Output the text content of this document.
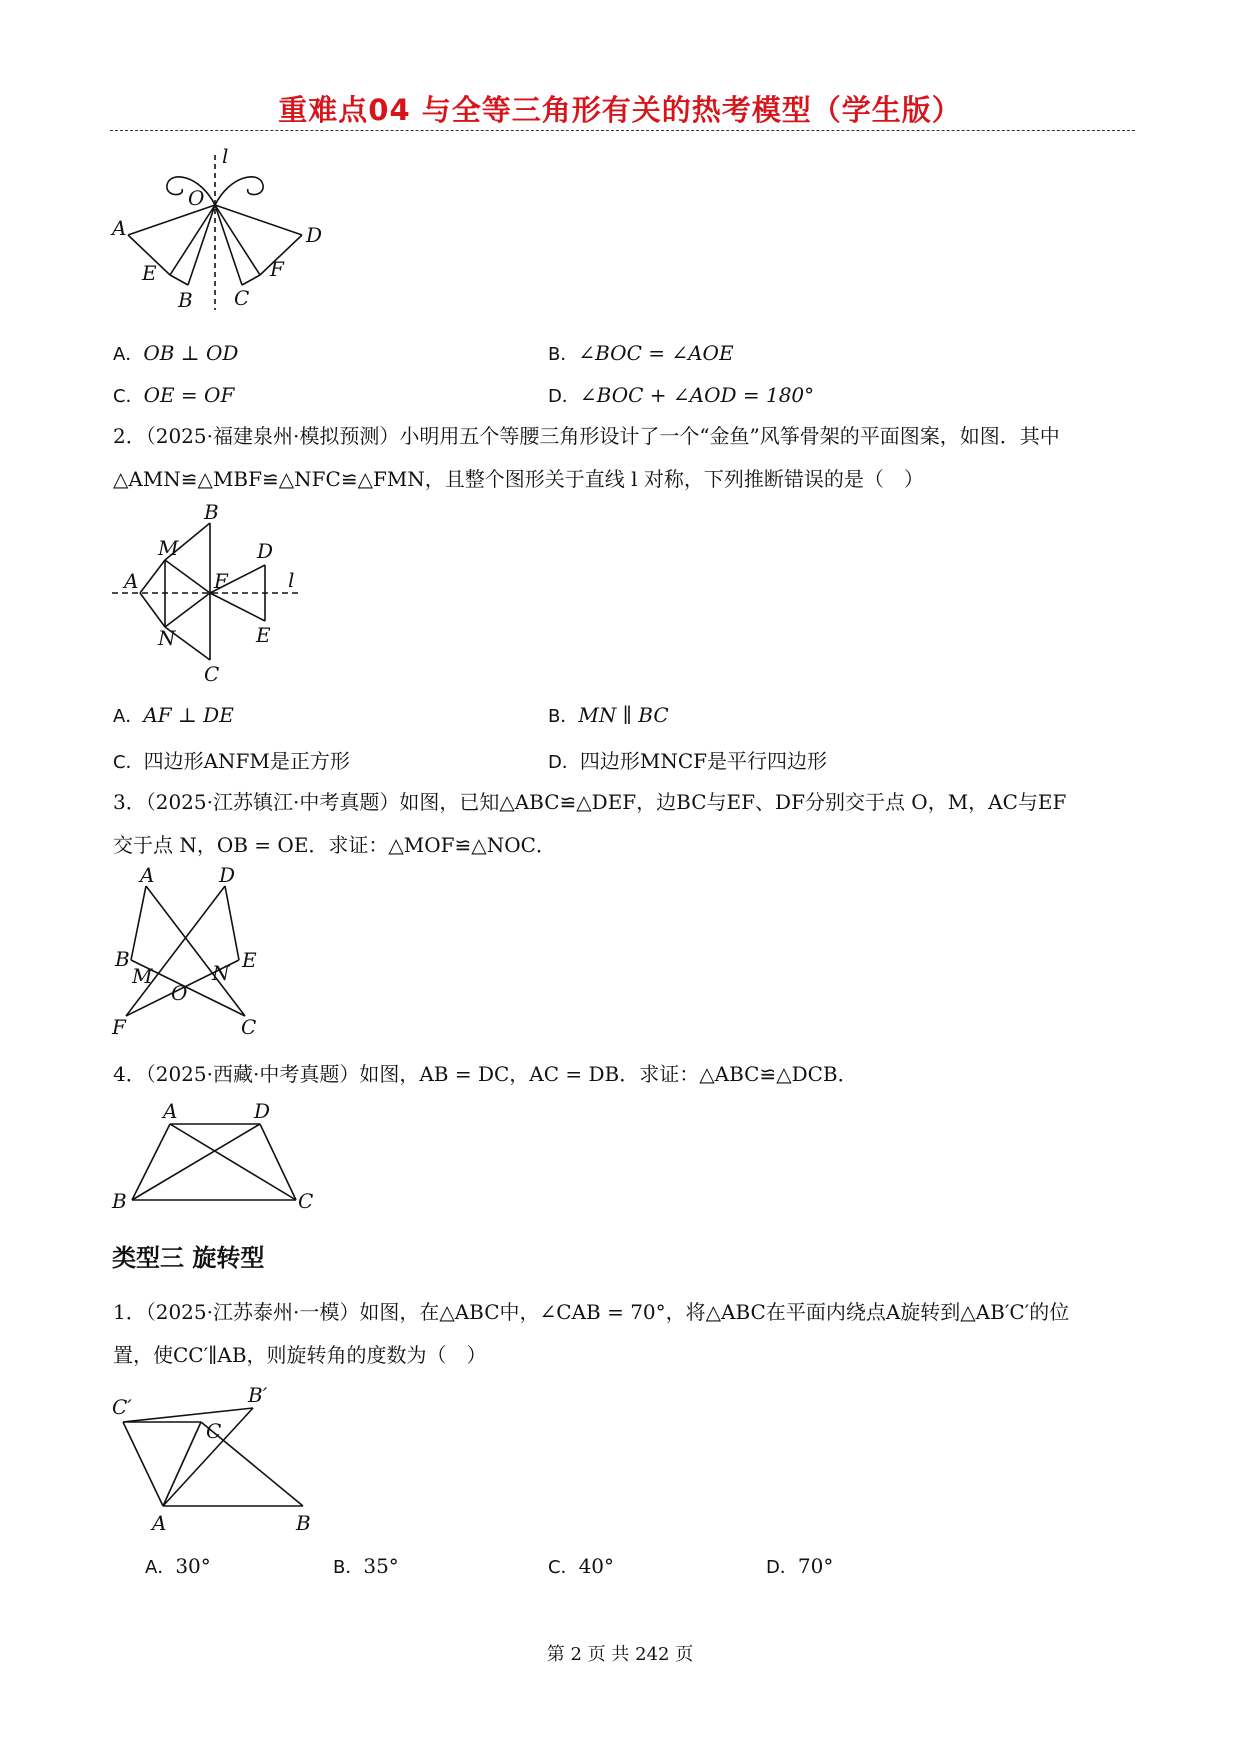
重难点04 与全等三角形有关的热考模型（学生版）
l
O
A	D
E	F
B C
A．OB ⊥ OD	B．∠BOC = ∠AOE
C．OE = OF	D．∠BOC + ∠AOD = 180°
2．（2025·福建泉州·模拟预测）小明用五个等腰三角形设计了一个“金鱼”风筝骨架的平面图案，如图．其中
△AMN≌△MBF≌△NFC≌△FMN，且整个图形关于直线 l 对称，下列推断错误的是（　）
B
M	D
A	F	l
N	E
C
A．AF ⊥ DE	B．MN ∥ BC
C．四边形ANFM是正方形	D．四边形MNCF是平行四边形
3．（2025·江苏镇江·中考真题）如图，已知△ABC≌△DEF，边BC与EF、DF分别交于点 O，M，AC与EF
交于点 N，OB = OE．求证：△MOF≌△NOC．
A	D
B	E
M	N
O
F	C
4．（2025·西藏·中考真题）如图，AB = DC，AC = DB．求证：△ABC≌△DCB．
A	D
B	C
类型三 旋转型
1．（2025·江苏泰州·一模）如图，在△ABC中，∠CAB = 70°，将△ABC在平面内绕点A旋转到△AB′C′的位
置，使CC′∥AB，则旋转角的度数为（　）
C′	B′
C
A	B
A．30°	B．35°	C．40°	D．70°
第 2 页 共 242 页
